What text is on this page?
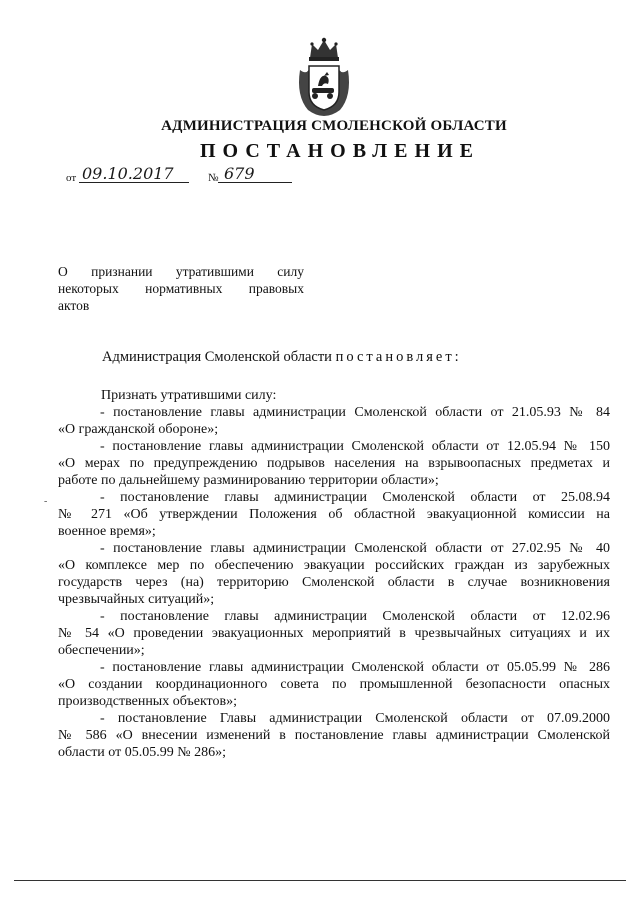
АДМИНИСТРАЦИЯ СМОЛЕНСКОЙ ОБЛАСТИ
ПОСТАНОВЛЕНИЕ
от 09.10.2017	№ 679
О признании утратившими силу
некоторых нормативных правовых
актов
Администрация Смоленской области постановляет:
-

Признать утратившими силу:

- постановление главы администрации Смоленской области от 21.05.93 № 84
«О гражданской обороне»;
- постановление главы администрации Смоленской области от 12.05.94 № 150
«О мерах по предупреждению подрывов населения на взрывоопасных предметах и
работе по дальнейшему разминированию территории области»;
- постановление главы администрации Смоленской области от 25.08.94
№ 271 «Об утверждении Положения об областной эвакуационной комиссии на
военное время»;
- постановление главы администрации Смоленской области от 27.02.95 № 40
«О комплексе мер по обеспечению эвакуации российских граждан из зарубежных
государств через (на) территорию Смоленской области в случае возникновения
чрезвычайных ситуаций»;
- постановление главы администрации Смоленской области от 12.02.96
№ 54 «О проведении эвакуационных мероприятий в чрезвычайных ситуациях и их
обеспечении»;
- постановление главы администрации Смоленской области от 05.05.99 № 286
«О создании координационного совета по промышленной безопасности опасных
производственных объектов»;
- постановление Главы администрации Смоленской области от 07.09.2000
№ 586 «О внесении изменений в постановление главы администрации Смоленской
области от 05.05.99 № 286»;
